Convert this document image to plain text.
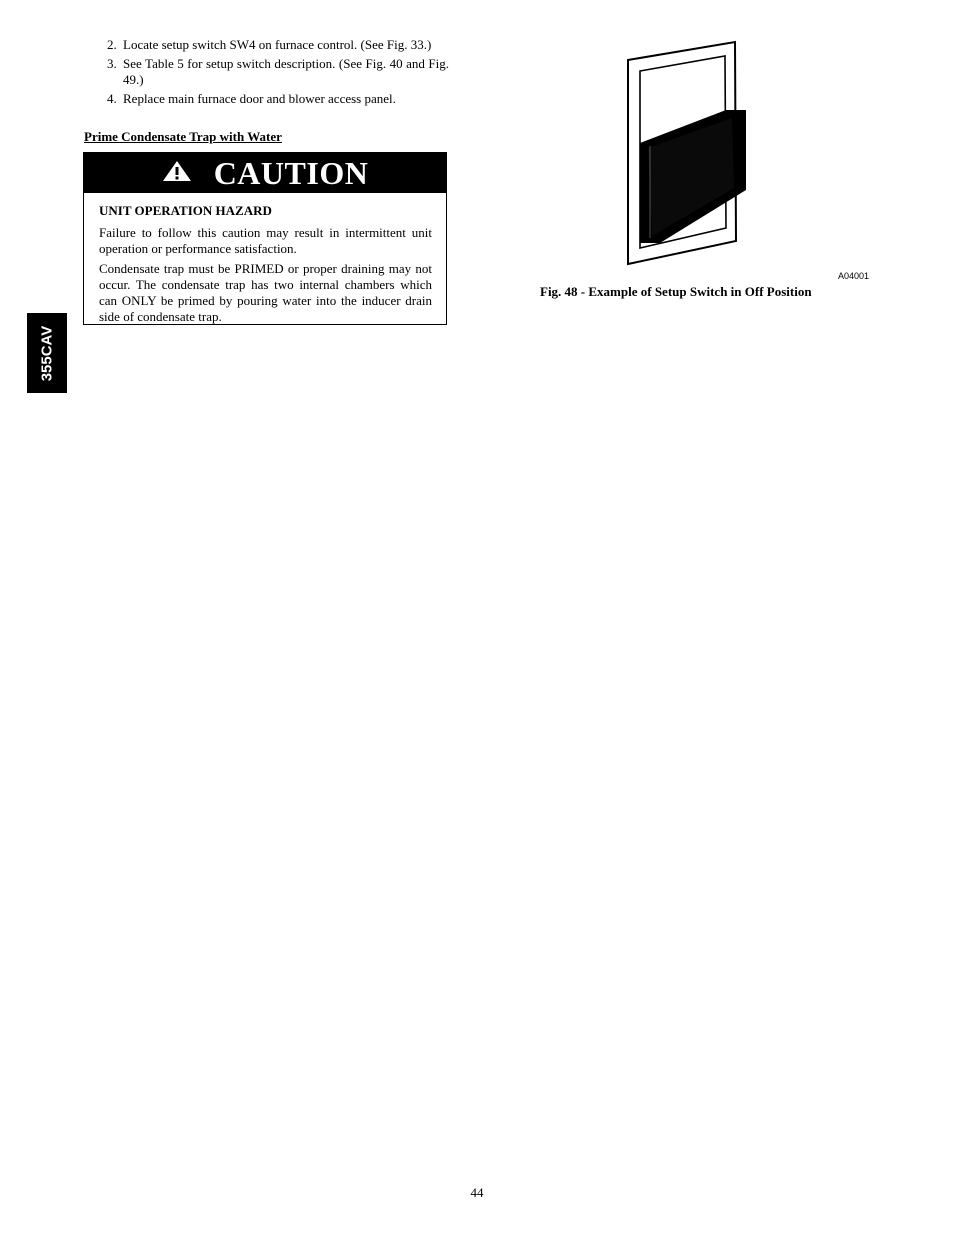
2. Locate setup switch SW4 on furnace control. (See Fig. 33.)
3. See Table 5 for setup switch description. (See Fig. 40 and Fig. 49.)
4. Replace main furnace door and blower access panel.
Prime Condensate Trap with Water
CAUTION
UNIT OPERATION HAZARD

Failure to follow this caution may result in intermittent unit operation or performance satisfaction.

Condensate trap must be PRIMED or proper draining may not occur. The condensate trap has two internal chambers which can ONLY be primed by pouring water into the inducer drain side of condensate trap.

355CAV
A04001
Fig. 48 - Example of Setup Switch in Off Position
44
